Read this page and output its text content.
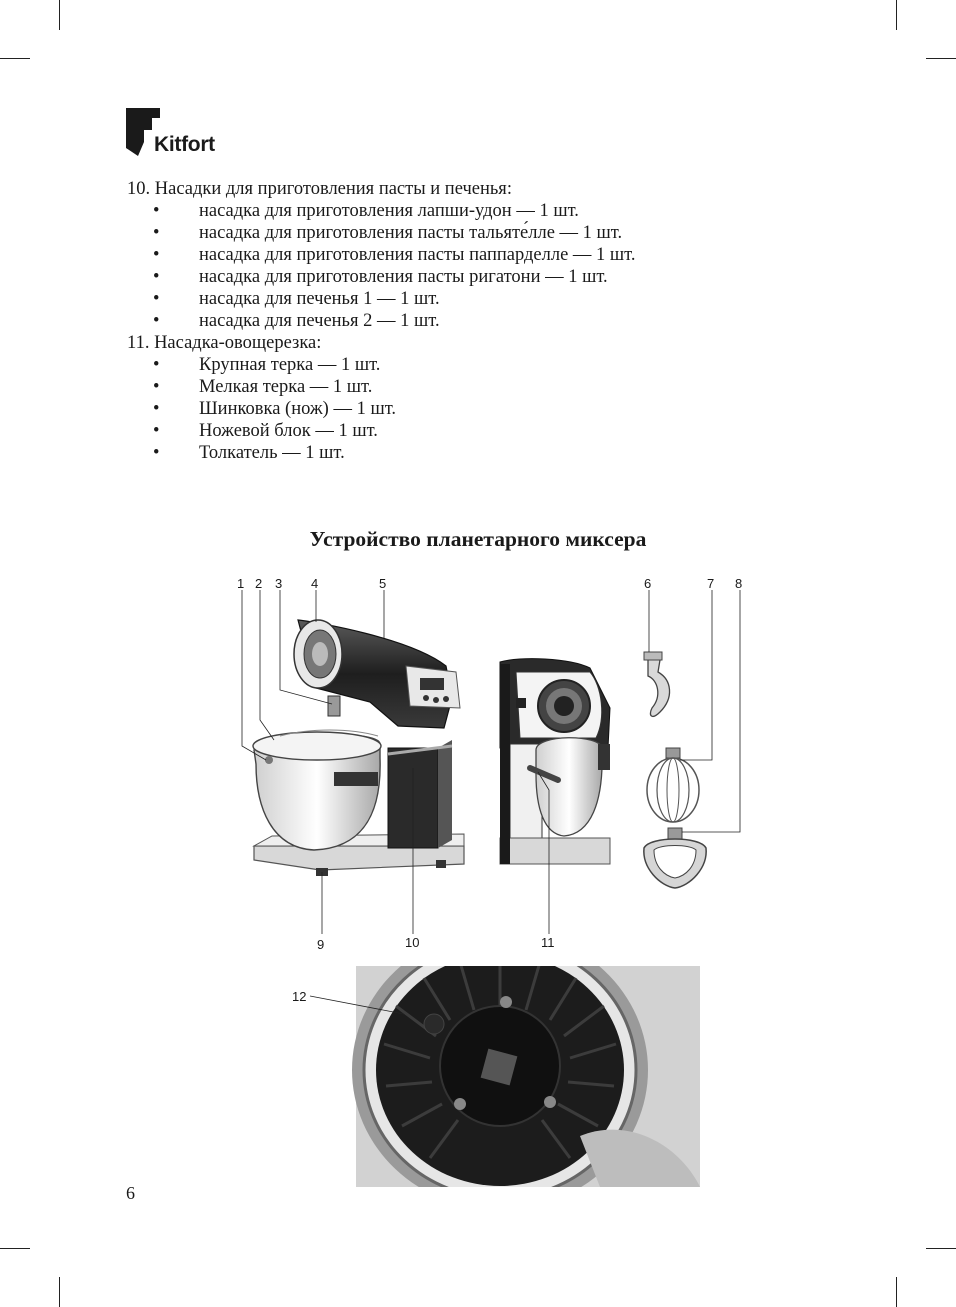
Kitfort
10. Насадки для приготовления пасты и печенья:
• насадка для приготовления лапши-удон — 1 шт.
• насадка для приготовления пасты тальяте́лле — 1 шт.
• насадка для приготовления пасты паппарделле — 1 шт.
• насадка для приготовления пасты ригатони — 1 шт.
• насадка для печенья 1 — 1 шт.
• насадка для печенья 2 — 1 шт.
11. Насадка-овощерезка:
• Крупная терка — 1 шт.
• Мелкая терка — 1 шт.
• Шинковка (нож) — 1 шт.
• Ножевой блок — 1 шт.
• Толкатель — 1 шт.
Устройство планетарного миксера
1 2 3 4	5	6	7 8
9	10	11
12
6
